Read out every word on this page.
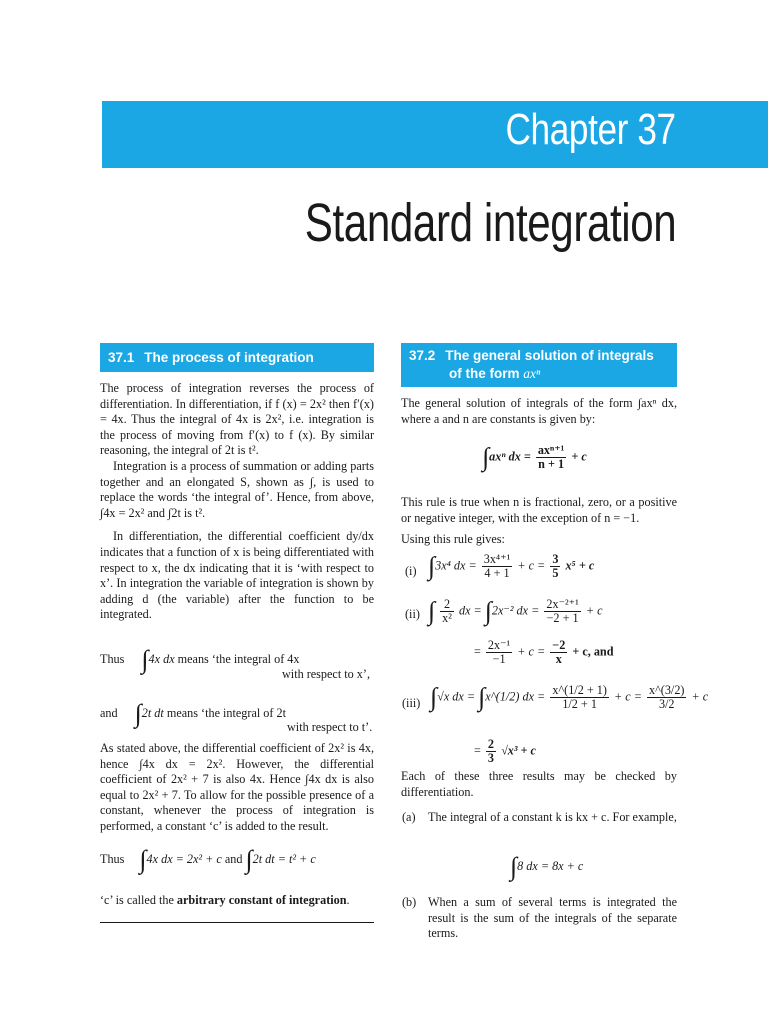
Chapter 37
Standard integration
37.1 The process of integration

The process of integration reverses the process of differentiation. In differentiation, if f (x) = 2x² then f′(x) = 4x. Thus the integral of 4x is 2x², i.e. integration is the process of moving from f′(x) to f (x). By similar reasoning, the integral of 2t is t².

Integration is a process of summation or adding parts together and an elongated S, shown as ∫, is used to replace the words ‘the integral of’. Hence, from above, ∫4x = 2x² and ∫2t is t².

In differentiation, the differential coefficient dy/dx indicates that a function of x is being differentiated with respect to x, the dx indicating that it is ‘with respect to x’. In integration the variable of integration is shown by adding d (the variable) after the function to be integrated.

Thus ∫4x dx means ‘the integral of 4x
with respect to x’,
and ∫2t dt means ‘the integral of 2t
with respect to t’.

As stated above, the differential coefficient of 2x² is 4x, hence ∫4x dx = 2x². However, the differential coefficient of 2x² + 7 is also 4x. Hence ∫4x dx is also equal to 2x² + 7. To allow for the possible presence of a constant, whenever the process of integration is performed, a constant ‘c’ is added to the result.

Thus ∫4x dx = 2x² + c and ∫2t dt = t² + c
‘c’ is called the arbitrary constant of integration.
37.2 The general solution of integrals
of the form axⁿ

The general solution of integrals of the form ∫axⁿ dx, where a and n are constants is given by:

∫axⁿ dx = $\frac{\text{axⁿ⁺¹}}{n + 1} + c$

This rule is true when n is fractional, zero, or a positive or negative integer, with the exception of n = −1.

Using this rule gives:

(i) ∫3x⁴ dx = $\frac{\text{3x⁴⁺¹}}{4 + 1} + c = \frac{3}{5} x^5 + c$
(ii) ∫ $\frac{2}{\text{x²}}$ dx = ∫2x⁻² dx = $\frac{\text{2x⁻²⁺¹}}{-2 + 1} + c$
= $\frac{\text{2x⁻¹}}{-1} + c = \frac{-2}{x} + c$, and
(iii) ∫√x dx = ∫x^(1/2) dx = $\frac{x\^{}(1/2 + 1)}{1/2 + 1} + c = \frac{x\^{}(3/2)}{3/2} + c$
= $\frac{2}{3} √x^3 + c$

Each of these three results may be checked by differentiation.

(a) The integral of a constant k is kx + c. For example,

∫8 dx = 8x + c
(b) When a sum of several terms is integrated the result is the sum of the integrals of the separate terms.
